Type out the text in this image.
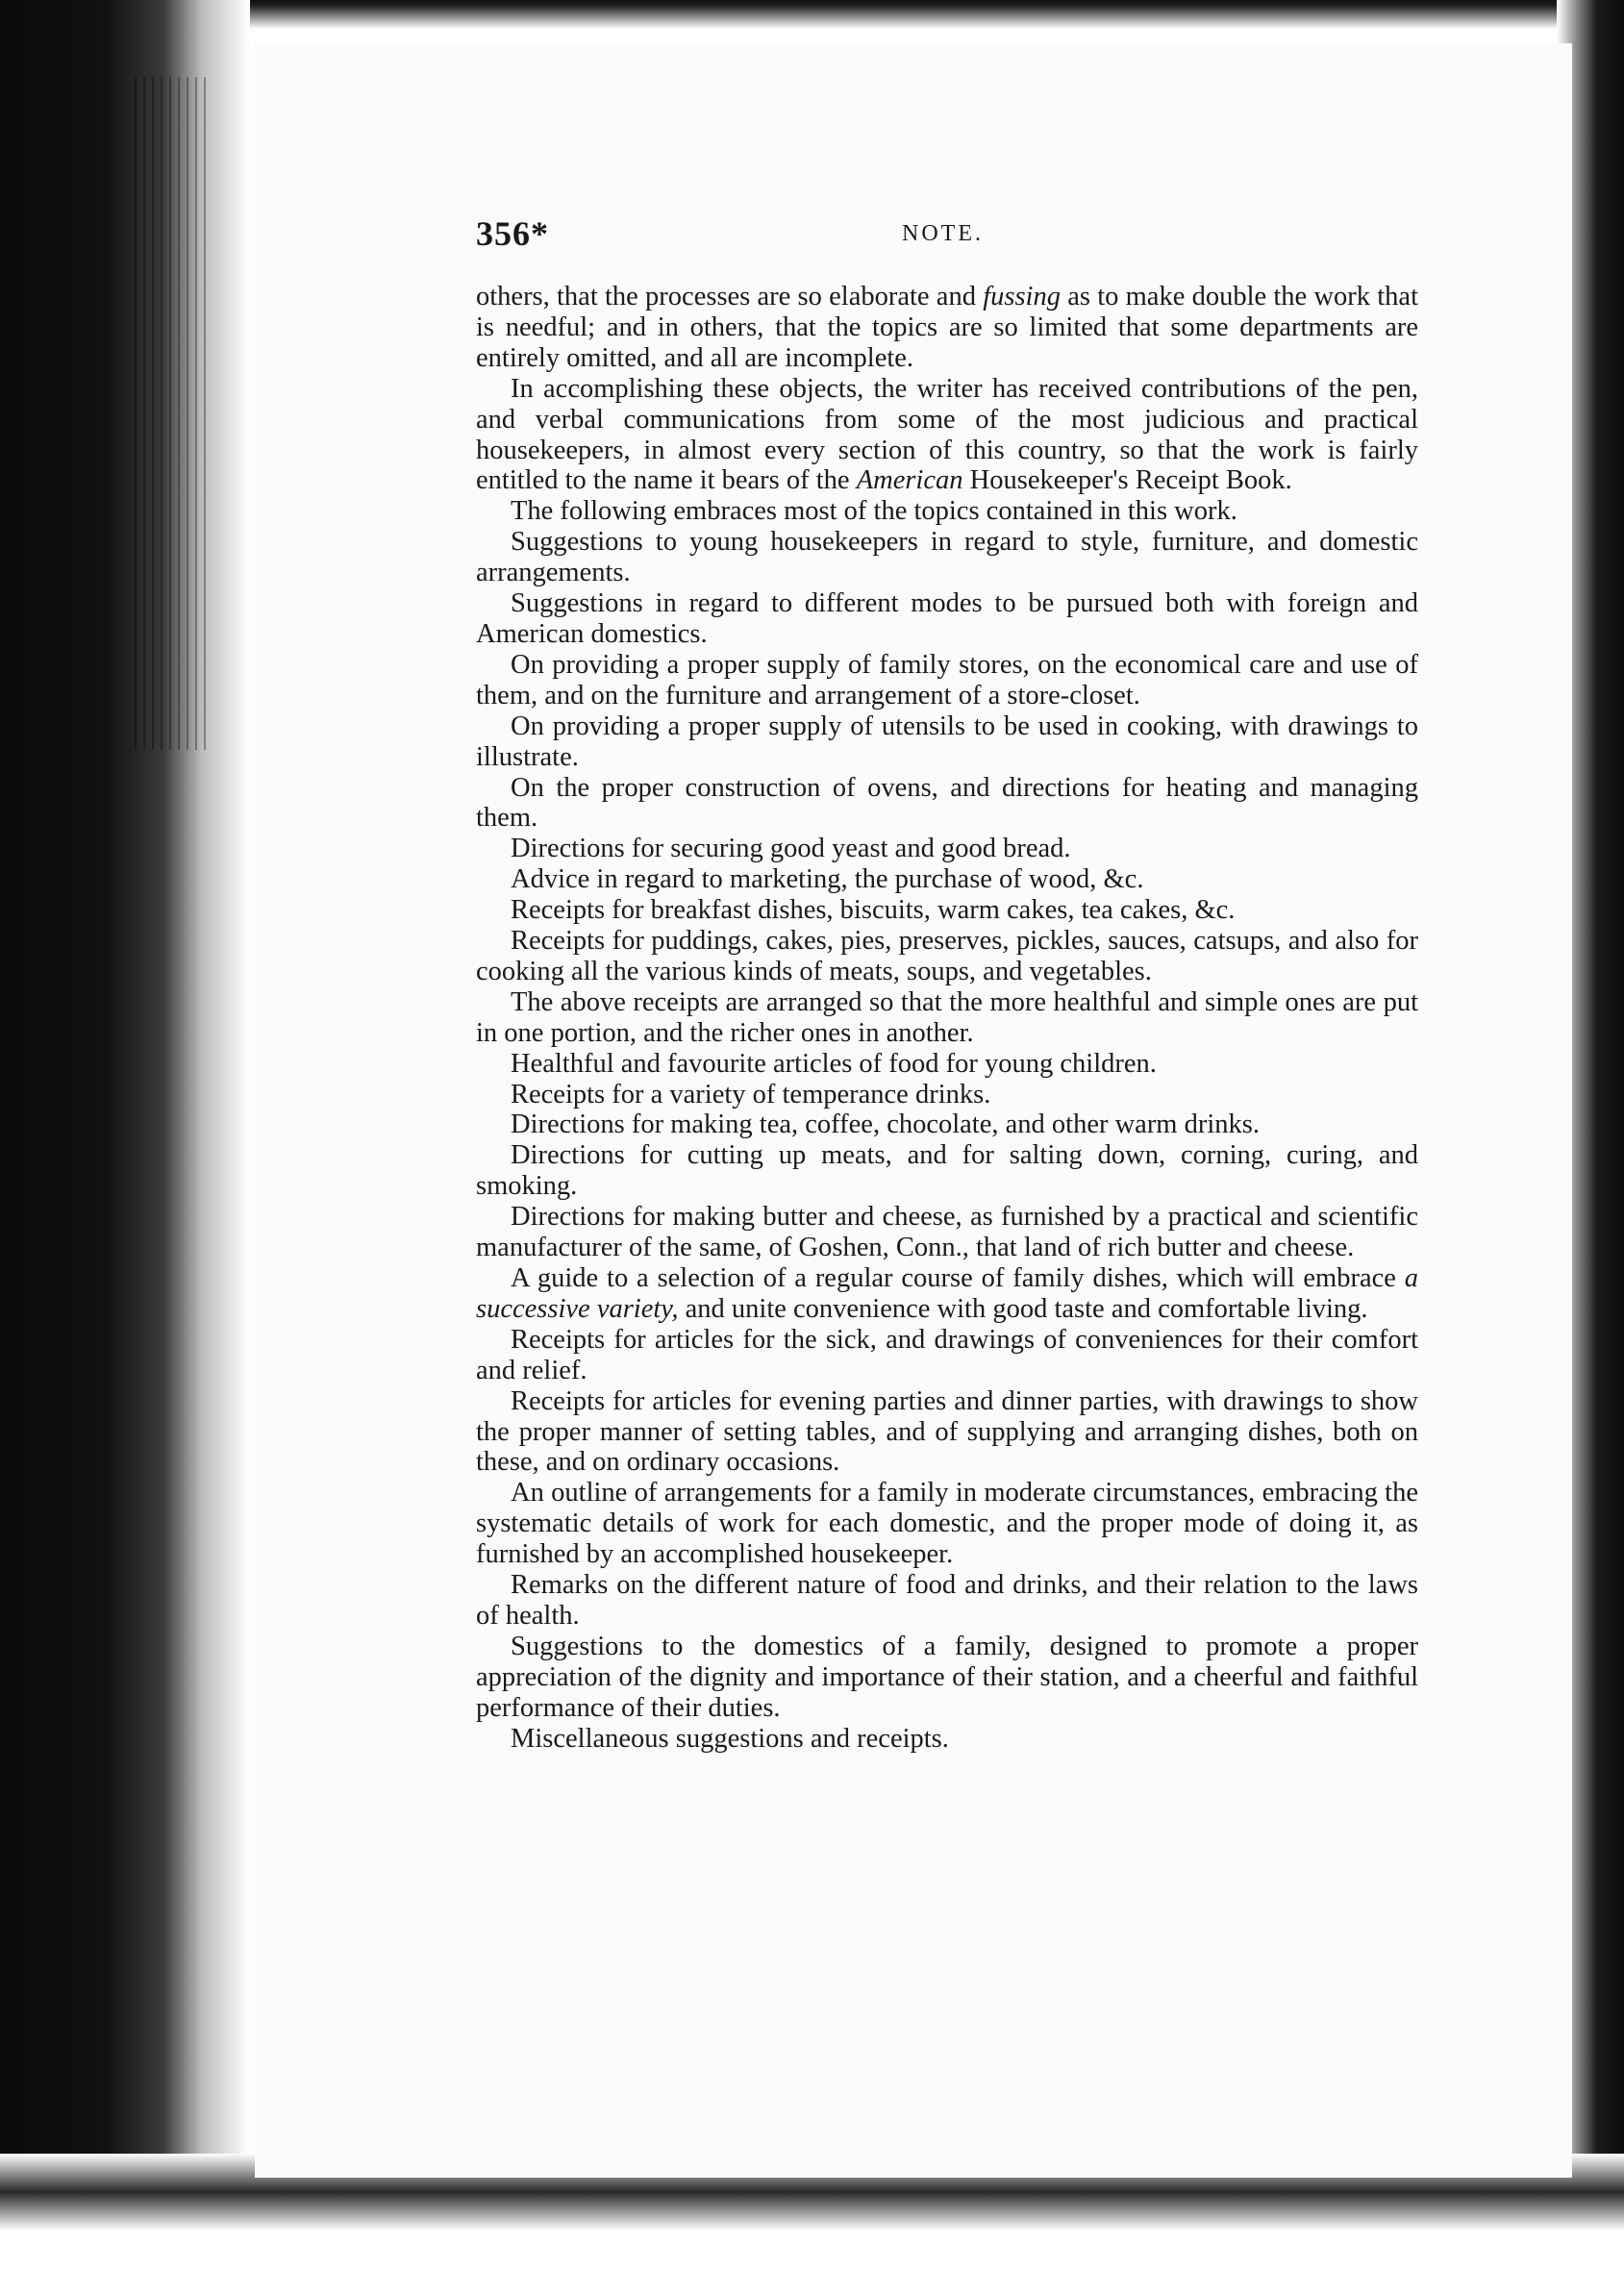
356*	NOTE.

others, that the processes are so elaborate and fussing as to make double the work that is needful; and in others, that the topics are so limited that some departments are entirely omitted, and all are incomplete.

In accomplishing these objects, the writer has received contributions of the pen, and verbal communications from some of the most judicious and practical housekeepers, in almost every section of this country, so that the work is fairly entitled to the name it bears of the American Housekeeper's Receipt Book.

The following embraces most of the topics contained in this work.

Suggestions to young housekeepers in regard to style, furniture, and domestic arrangements.

Suggestions in regard to different modes to be pursued both with foreign and American domestics.

On providing a proper supply of family stores, on the economical care and use of them, and on the furniture and arrangement of a store-closet.

On providing a proper supply of utensils to be used in cooking, with drawings to illustrate.

On the proper construction of ovens, and directions for heating and managing them.

Directions for securing good yeast and good bread.

Advice in regard to marketing, the purchase of wood, &c.

Receipts for breakfast dishes, biscuits, warm cakes, tea cakes, &c.

Receipts for puddings, cakes, pies, preserves, pickles, sauces, catsups, and also for cooking all the various kinds of meats, soups, and vegetables.

The above receipts are arranged so that the more healthful and simple ones are put in one portion, and the richer ones in another.

Healthful and favourite articles of food for young children.

Receipts for a variety of temperance drinks.

Directions for making tea, coffee, chocolate, and other warm drinks.

Directions for cutting up meats, and for salting down, corning, curing, and smoking.

Directions for making butter and cheese, as furnished by a practical and scientific manufacturer of the same, of Goshen, Conn., that land of rich butter and cheese.

A guide to a selection of a regular course of family dishes, which will embrace a successive variety, and unite convenience with good taste and comfortable living.

Receipts for articles for the sick, and drawings of conveniences for their comfort and relief.

Receipts for articles for evening parties and dinner parties, with drawings to show the proper manner of setting tables, and of supplying and arranging dishes, both on these, and on ordinary occasions.

An outline of arrangements for a family in moderate circumstances, embracing the systematic details of work for each domestic, and the proper mode of doing it, as furnished by an accomplished housekeeper.

Remarks on the different nature of food and drinks, and their relation to the laws of health.

Suggestions to the domestics of a family, designed to promote a proper appreciation of the dignity and importance of their station, and a cheerful and faithful performance of their duties.

Miscellaneous suggestions and receipts.
